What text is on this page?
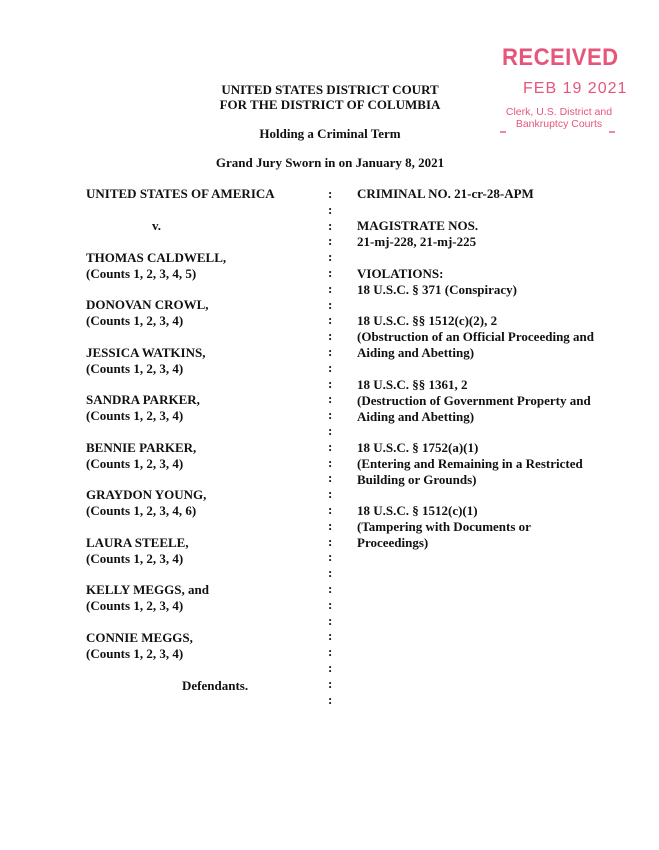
RECEIVED
FEB 19 2021
Clerk, U.S. District and
Bankruptcy Courts
UNITED STATES DISTRICT COURT
FOR THE DISTRICT OF COLUMBIA
Holding a Criminal Term
Grand Jury Sworn in on January 8, 2021
UNITED STATES OF AMERICA
v.
THOMAS CALDWELL,
(Counts 1, 2, 3, 4, 5)
DONOVAN CROWL,
(Counts 1, 2, 3, 4)
JESSICA WATKINS,
(Counts 1, 2, 3, 4)
SANDRA PARKER,
(Counts 1, 2, 3, 4)
BENNIE PARKER,
(Counts 1, 2, 3, 4)
GRAYDON YOUNG,
(Counts 1, 2, 3, 4, 6)
LAURA STEELE,
(Counts 1, 2, 3, 4)
KELLY MEGGS, and
(Counts 1, 2, 3, 4)
CONNIE MEGGS,
(Counts 1, 2, 3, 4)
Defendants.
:
:
:
:
:
:
:
:
:
:
:
:
:
:
:
:
:
:
:
:
:
:
:
:
:
:
:
:
:
:
:
:
:
CRIMINAL NO. 21-cr-28-APM
MAGISTRATE NOS.
21-mj-228, 21-mj-225
VIOLATIONS:
18 U.S.C. § 371 (Conspiracy)
18 U.S.C. §§ 1512(c)(2), 2
(Obstruction of an Official Proceeding and
Aiding and Abetting)
18 U.S.C. §§ 1361, 2
(Destruction of Government Property and
Aiding and Abetting)
18 U.S.C. § 1752(a)(1)
(Entering and Remaining in a Restricted
Building or Grounds)
18 U.S.C. § 1512(c)(1)
(Tampering with Documents or
Proceedings)
